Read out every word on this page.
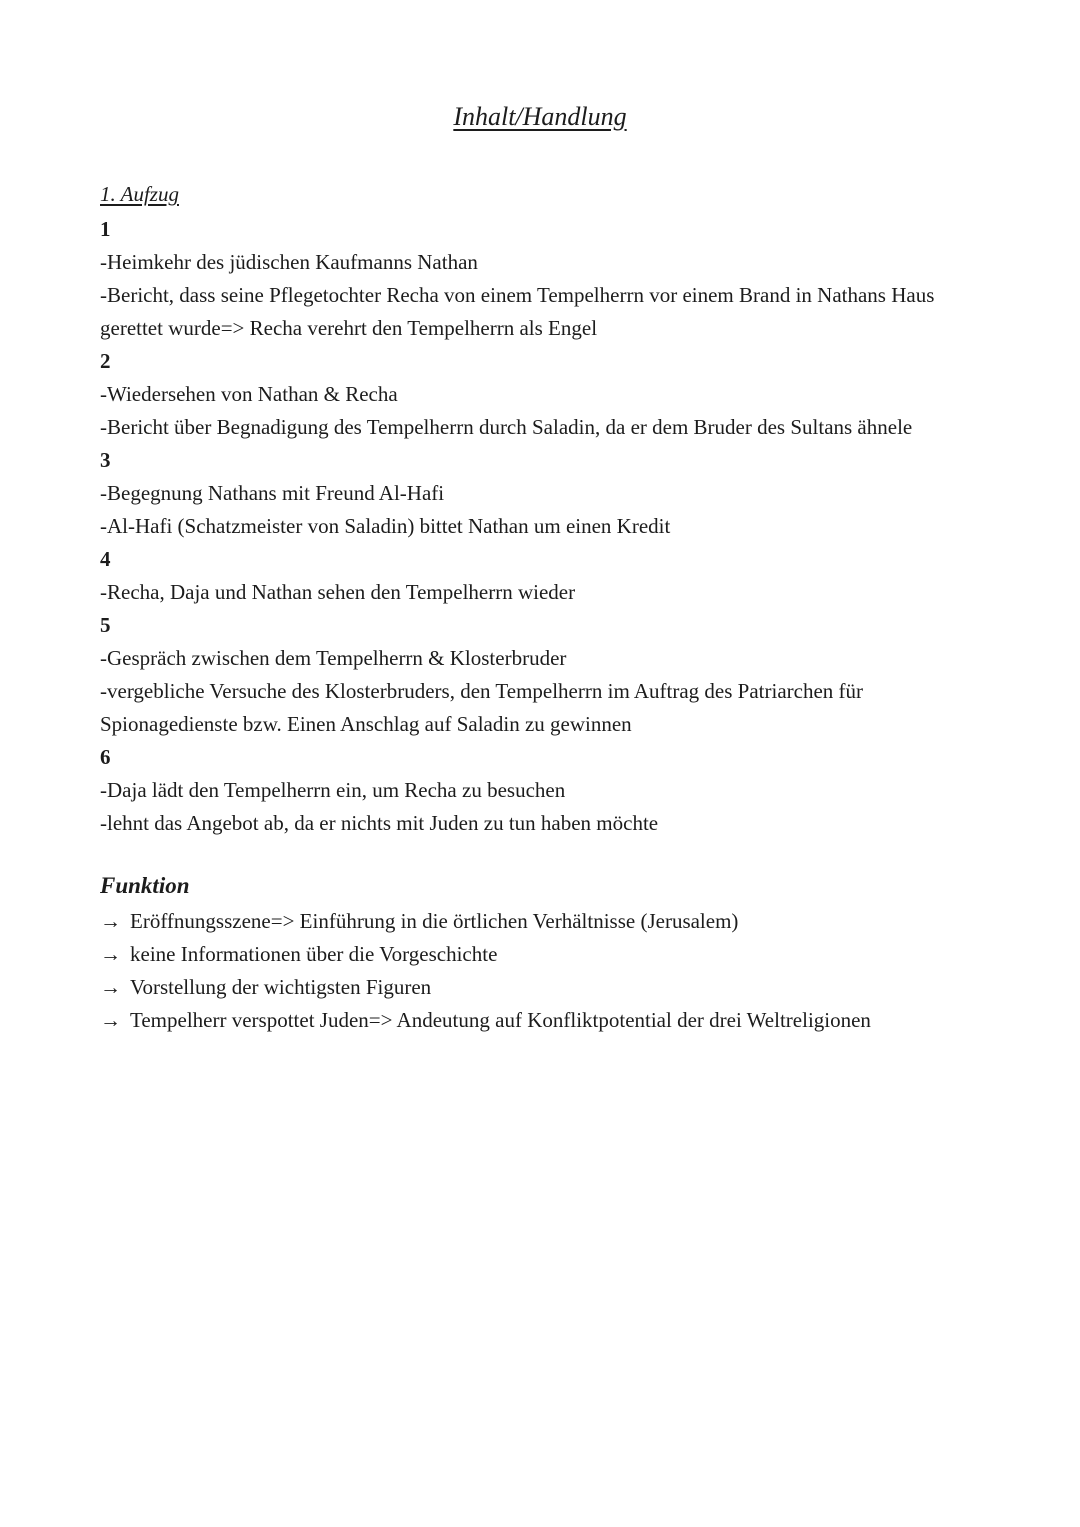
Inhalt/Handlung
1. Aufzug
1
-Heimkehr des jüdischen Kaufmanns Nathan
-Bericht, dass seine Pflegetochter Recha von einem Tempelherrn vor einem Brand in Nathans Haus gerettet wurde=> Recha verehrt den Tempelherrn als Engel
2
-Wiedersehen von Nathan & Recha
-Bericht über Begnadigung des Tempelherrn durch Saladin, da er dem Bruder des Sultans ähnele
3
-Begegnung Nathans mit Freund Al-Hafi
-Al-Hafi (Schatzmeister von Saladin) bittet Nathan um einen Kredit
4
-Recha, Daja und Nathan sehen den Tempelherrn wieder
5
-Gespräch zwischen dem Tempelherrn & Klosterbruder
-vergebliche Versuche des Klosterbruders, den Tempelherrn im Auftrag des Patriarchen für Spionagedienste bzw. Einen Anschlag auf Saladin zu gewinnen
6
-Daja lädt den Tempelherrn ein, um Recha zu besuchen
-lehnt das Angebot ab, da er nichts mit Juden zu tun haben möchte
Funktion
→ Eröffnungsszene=> Einführung in die örtlichen Verhältnisse (Jerusalem)
→ keine Informationen über die Vorgeschichte
→ Vorstellung der wichtigsten Figuren
→ Tempelherr verspottet Juden=> Andeutung auf Konfliktpotential der drei Weltreligionen
